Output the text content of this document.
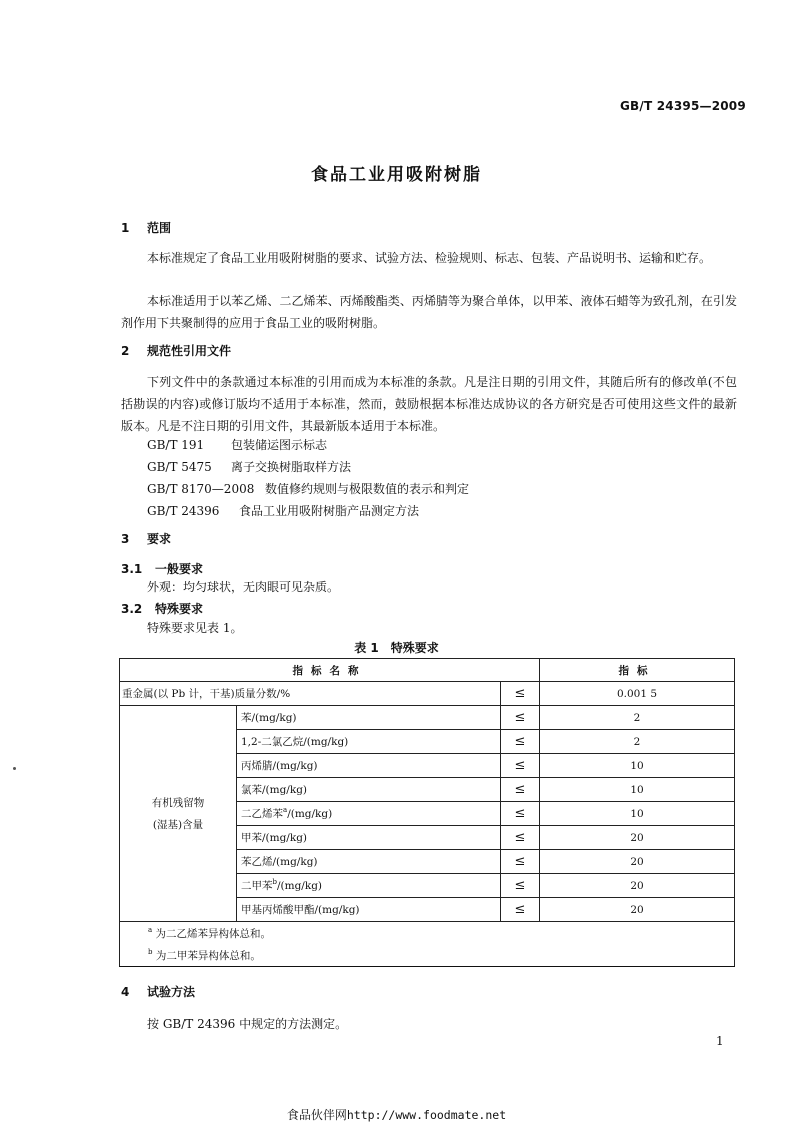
GB/T 24395—2009
食品工业用吸附树脂
1 范围
本标准规定了食品工业用吸附树脂的要求、试验方法、检验规则、标志、包装、产品说明书、运输和贮存。
本标准适用于以苯乙烯、二乙烯苯、丙烯酸酯类、丙烯腈等为聚合单体，以甲苯、液体石蜡等为致孔剂，在引发剂作用下共聚制得的应用于食品工业的吸附树脂。
2 规范性引用文件
下列文件中的条款通过本标准的引用而成为本标准的条款。凡是注日期的引用文件，其随后所有的修改单(不包括勘误的内容)或修订版均不适用于本标准，然而，鼓励根据本标准达成协议的各方研究是否可使用这些文件的最新版本。凡是不注日期的引用文件，其最新版本适用于本标准。
GB/T 191 包装储运图示标志
GB/T 5475 离子交换树脂取样方法
GB/T 8170—2008 数值修约规则与极限数值的表示和判定
GB/T 24396 食品工业用吸附树脂产品测定方法
3 要求
3.1 一般要求
外观：均匀球状，无肉眼可见杂质。
3.2 特殊要求
特殊要求见表 1。
表 1　特殊要求
指标名称			指标
重金属(以 Pb 计，干基)质量分数/%		≤	0.001 5

有机残留物
(湿基)含量	苯/(mg/kg)	≤	2
	1,2-二氯乙烷/(mg/kg)	≤	2
	丙烯腈/(mg/kg)	≤	10
	氯苯/(mg/kg)	≤	10
	二乙烯苯$^a$/(mg/kg)	≤	10
	甲苯/(mg/kg)	≤	20
	苯乙烯/(mg/kg)	≤	20
	二甲苯$^b$/(mg/kg)	≤	20
	甲基丙烯酸甲酯/(mg/kg)	≤	20
$^a$ 为二乙烯苯异构体总和。			
$^b$ 为二甲苯异构体总和。			
4 试验方法
按 GB/T 24396 中规定的方法测定。
1
食品伙伴网http://www.foodmate.net
